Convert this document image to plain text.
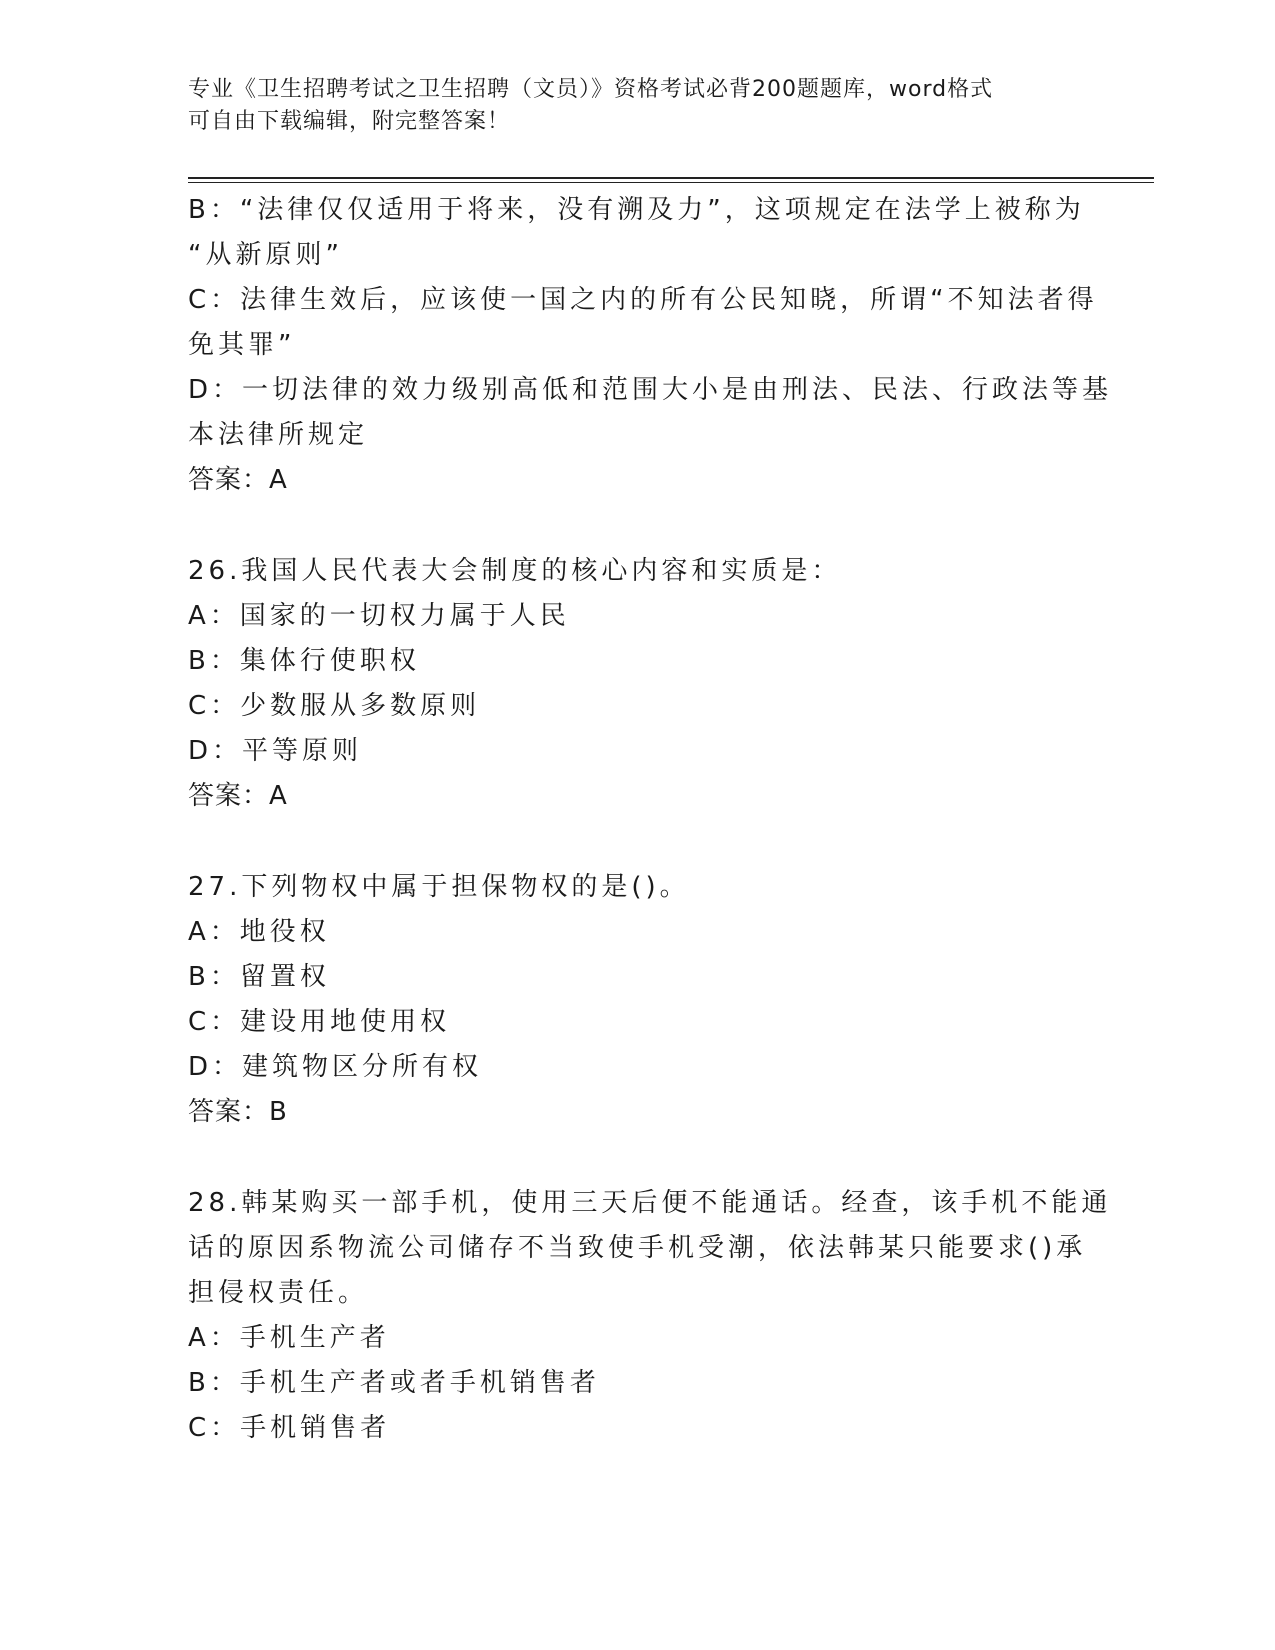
专业《卫生招聘考试之卫生招聘（文员）》资格考试必背200题题库，word格式
可自由下载编辑，附完整答案！
B：“法律仅仅适用于将来，没有溯及力”，这项规定在法学上被称为
“从新原则”
C：法律生效后，应该使一国之内的所有公民知晓，所谓“不知法者得
免其罪”
D：一切法律的效力级别高低和范围大小是由刑法、民法、行政法等基
本法律所规定
答案：A
26.我国人民代表大会制度的核心内容和实质是：
A：国家的一切权力属于人民
B：集体行使职权
C：少数服从多数原则
D：平等原则
答案：A
27.下列物权中属于担保物权的是()。
A：地役权
B：留置权
C：建设用地使用权
D：建筑物区分所有权
答案：B
28.韩某购买一部手机，使用三天后便不能通话。经查，该手机不能通
话的原因系物流公司储存不当致使手机受潮，依法韩某只能要求()承
担侵权责任。
A：手机生产者
B：手机生产者或者手机销售者
C：手机销售者
